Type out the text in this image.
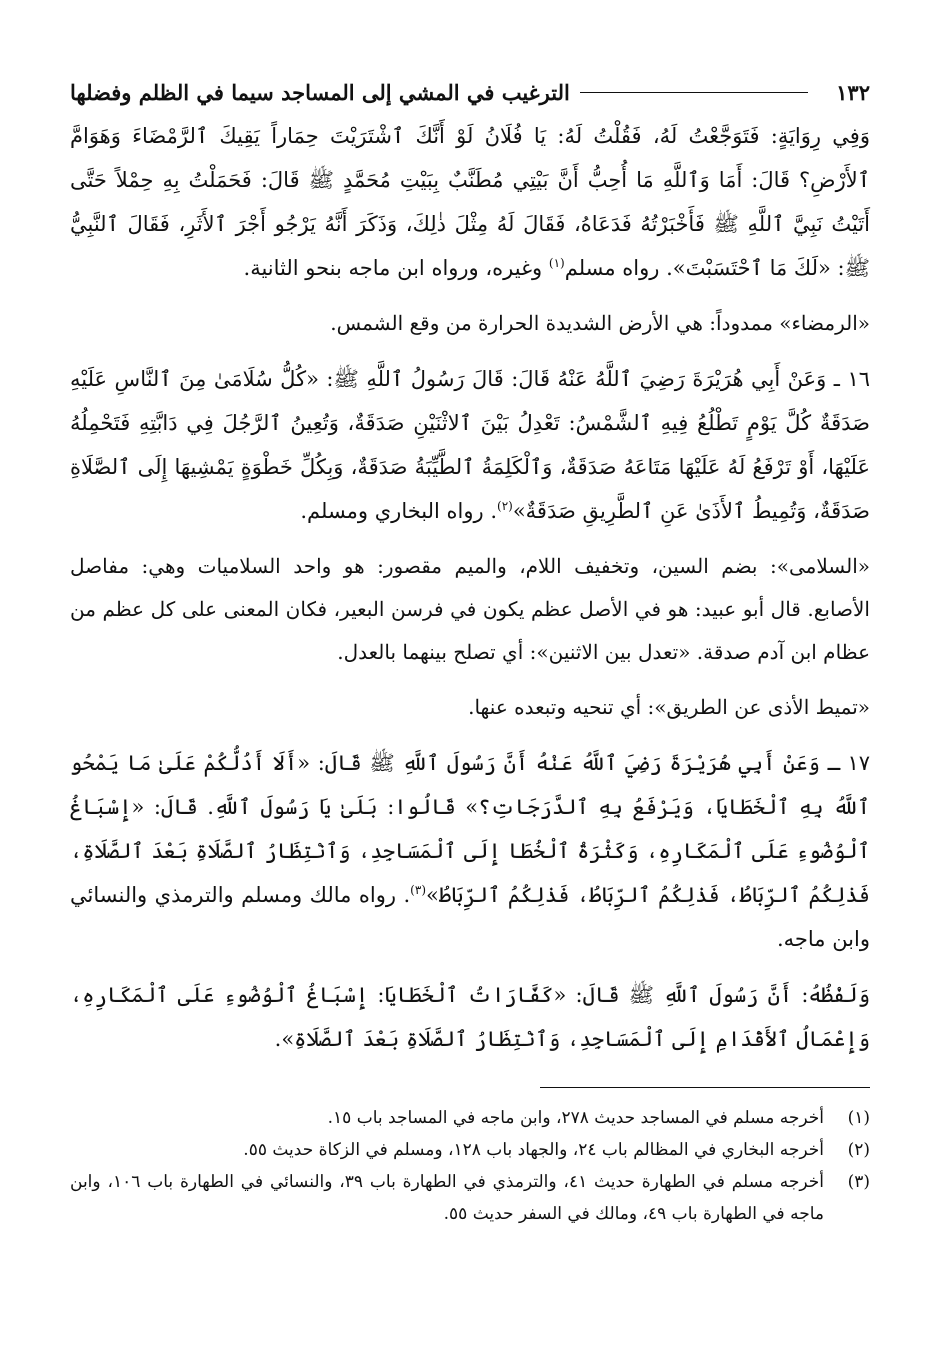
١٣٢
الترغيب في المشي إلى المساجد سيما في الظلم وفضلها

وَفِي رِوَايَةٍ: فَتَوَجَّعْتُ لَهُ، فَقُلْتُ لَهُ: يَا فُلَانُ لَوْ أَنَّكَ ٱشْتَرَيْتَ حِمَاراً يَقِيكَ ٱلرَّمْضَاءَ وَهَوَامَّ ٱلأَرْضِ؟ قَالَ: أَمَا وَٱللَّهِ مَا أُحِبُّ أَنَّ بَيْتِي مُطَنَّبٌ بِبَيْتِ مُحَمَّدٍ ﷺ قَالَ: فَحَمَلْتُ بِهِ حِمْلاً حَتَّى أَتَيْتُ نَبِيَّ ٱللَّهِ ﷺ فَأَخْبَرْتُهُ فَدَعَاهُ، فَقَالَ لَهُ مِثْلَ ذٰلِكَ، وَذَكَرَ أَنَّهُ يَرْجُو أَجْرَ ٱلأَثَرِ، فَقَالَ ٱلنَّبِيُّ ﷺ: «لَكَ مَا ٱحْتَسَبْتَ». رواه مسلم$^{(١)}$ وغيره، ورواه ابن ماجه بنحو الثانية.

«الرمضاء» ممدوداً: هي الأرض الشديدة الحرارة من وقع الشمس.

١٦ ـ وَعَنْ أَبِي هُرَيْرَةَ رَضِيَ ٱللَّهُ عَنْهُ قَالَ: قَالَ رَسُولُ ٱللَّهِ ﷺ: «كُلُّ سُلَامَىٰ مِنَ ٱلنَّاسِ عَلَيْهِ صَدَقَةٌ كُلَّ يَوْمٍ تَطْلُعُ فِيهِ ٱلشَّمْسُ: تَعْدِلُ بَيْنَ ٱلاثْنَيْنِ صَدَقَةٌ، وَتُعِينُ ٱلرَّجُلَ فِي دَابَّتِهِ فَتَحْمِلُهُ عَلَيْهَا، أَوْ تَرْفَعُ لَهُ عَلَيْهَا مَتَاعَهُ صَدَقَةٌ، وَٱلْكَلِمَةُ ٱلطَّيِّبَةُ صَدَقَةٌ، وَبِكُلِّ خَطْوَةٍ يَمْشِيهَا إِلَى ٱلصَّلَاةِ صَدَقَةٌ، وَتُمِيطُ ٱلأَذَىٰ عَنِ ٱلطَّرِيقِ صَدَقَةٌ»$^{(٢)}$. رواه البخاري ومسلم.

«السلامى»: بضم السين، وتخفيف اللام، والميم مقصور: هو واحد السلاميات وهي: مفاصل الأصابع. قال أبو عبيد: هو في الأصل عظم يكون في فرسن البعير، فكان المعنى على كل عظم من عظام ابن آدم صدقة. «تعدل بين الاثنين»: أي تصلح بينهما بالعدل.

«تميط الأذى عن الطريق»: أي تنحيه وتبعده عنها.

١٧ ـ وَعَنْ أَبِي هُرَيْرَةَ رَضِيَ ٱللَّهُ عَنْهُ أَنَّ رَسُولَ ٱللَّهِ ﷺ قَالَ: «أَلَا أَدُلُّكُمْ عَلَىٰ مَا يَمْحُو ٱللَّهُ بِهِ ٱلْخَطَايَا، وَيَرْفَعُ بِهِ ٱلدَّرَجَاتِ؟» قَالُوا: بَلَىٰ يَا رَسُولَ ٱللَّهِ. قَالَ: «إِسْبَاغُ ٱلْوُضُوءِ عَلَى ٱلْمَكَارِهِ، وَكَثْرَةُ ٱلْخُطَا إِلَى ٱلْمَسَاجِدِ، وَٱنْتِظَارُ ٱلصَّلَاةِ بَعْدَ ٱلصَّلَاةِ، فَذٰلِكُمُ ٱلرِّبَاطُ، فَذٰلِكُمُ ٱلرِّبَاطُ، فَذٰلِكُمُ ٱلرِّبَاطُ»$^{(٣)}$. رواه مالك ومسلم والترمذي والنسائي وابن ماجه.

وَلَفْظُهُ: أَنَّ رَسُولَ ٱللَّهِ ﷺ قَالَ: «كَفَّارَاتُ ٱلْخَطَايَا: إِسْبَاغُ ٱلْوُضُوءِ عَلَى ٱلْمَكَارِهِ، وَإِعْمَالُ ٱلأَقْدَامِ إِلَى ٱلْمَسَاجِدِ، وَٱنْتِظَارُ ٱلصَّلَاةِ بَعْدَ ٱلصَّلَاةِ».

(١)
أخرجه مسلم في المساجد حديث ٢٧٨، وابن ماجه في المساجد باب ١٥.
(٢)
أخرجه البخاري في المظالم باب ٢٤، والجهاد باب ١٢٨، ومسلم في الزكاة حديث ٥٥.
(٣)
أخرجه مسلم في الطهارة حديث ٤١، والترمذي في الطهارة باب ٣٩، والنسائي في الطهارة باب ١٠٦، وابن ماجه في الطهارة باب ٤٩، ومالك في السفر حديث ٥٥.
